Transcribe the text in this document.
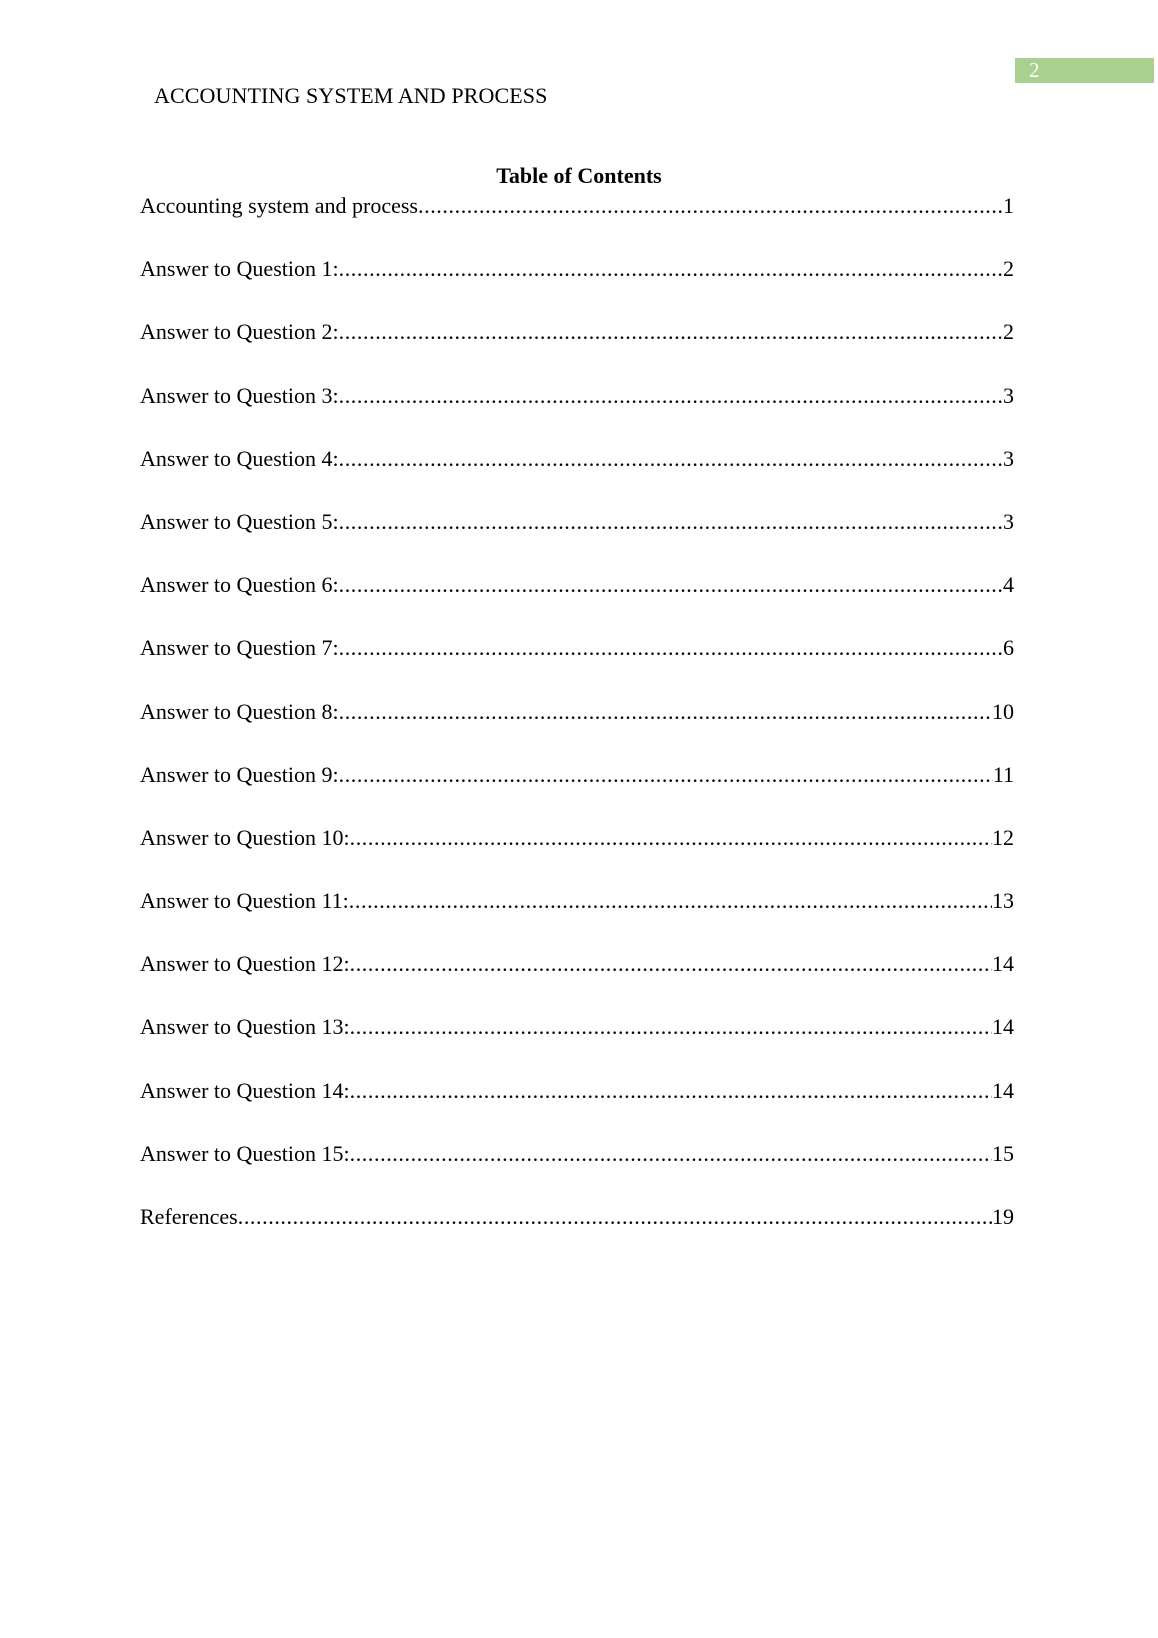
2
ACCOUNTING SYSTEM AND PROCESS
Table of Contents
Accounting system and process .....	1
Answer to Question 1: .....	2
Answer to Question 2: .....	2
Answer to Question 3: .....	3
Answer to Question 4: .....	3
Answer to Question 5: .....	3
Answer to Question 6: .....	4
Answer to Question 7: .....	6
Answer to Question 8: .....	10
Answer to Question 9: .....	11
Answer to Question 10: .....	12
Answer to Question 11: .....	13
Answer to Question 12: .....	14
Answer to Question 13: .....	14
Answer to Question 14: .....	14
Answer to Question 15: .....	15
References .....	19
